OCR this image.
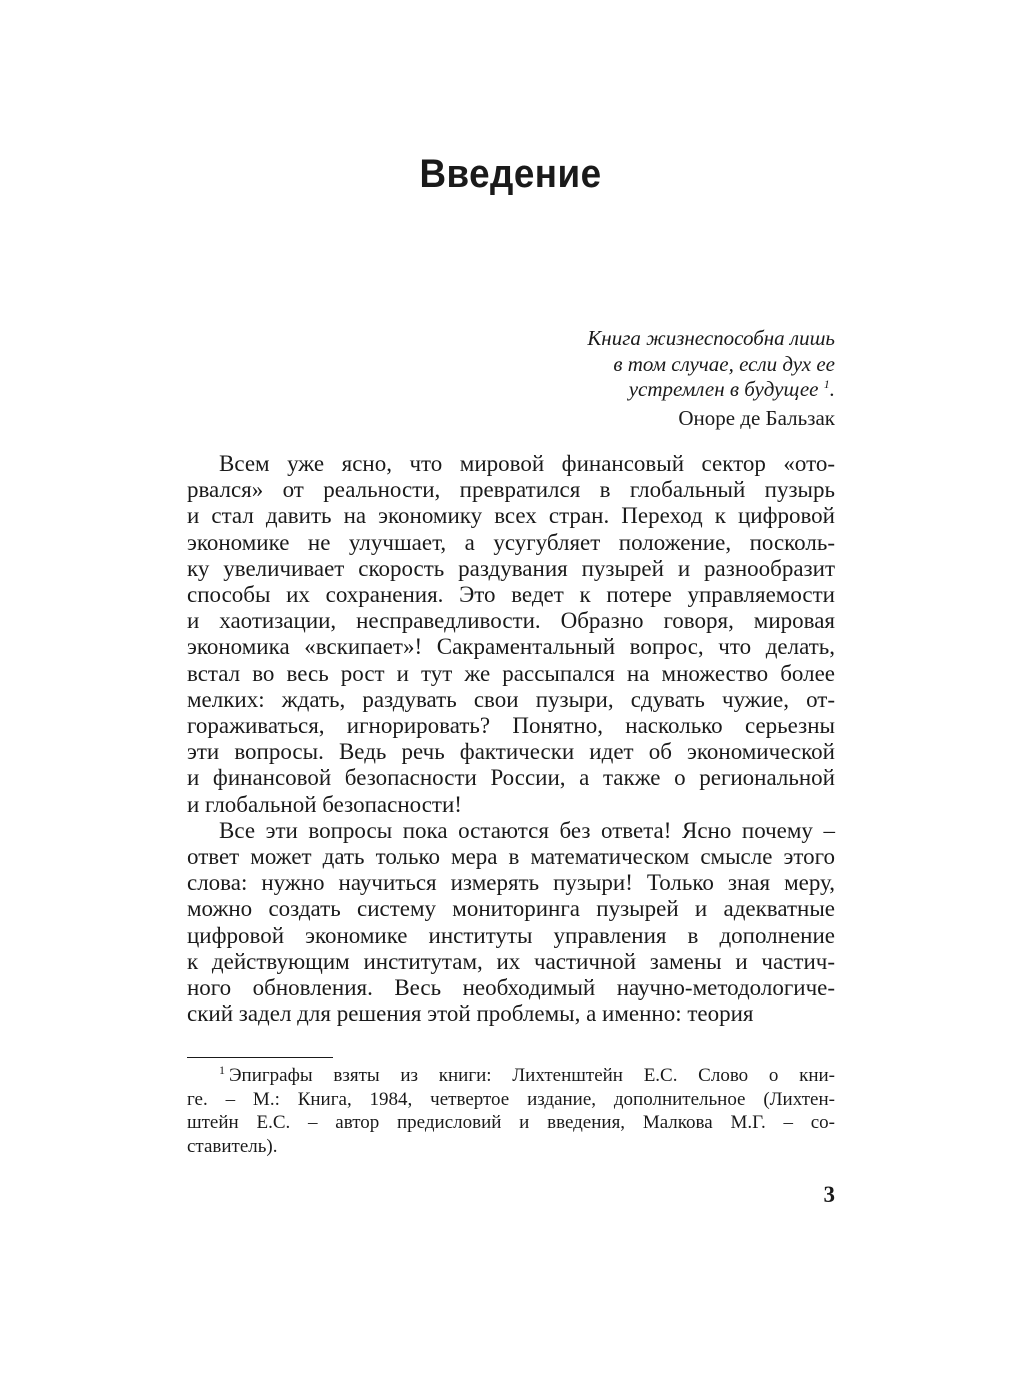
Введение
Книга жизнеспособна лишь
в том случае, если дух ее
устремлен в будущее $^1$.
Оноре де Бальзак
Всем уже ясно, что мировой финансовый сектор «ото-
рвался» от реальности, превратился в глобальный пузырь
и стал давить на экономику всех стран. Переход к цифровой
экономике не улучшает, а усугубляет положение, посколь-
ку увеличивает скорость раздувания пузырей и разнообразит
способы их сохранения. Это ведет к потере управляемости
и хаотизации, несправедливости. Образно говоря, мировая
экономика «вскипает»! Сакраментальный вопрос, что делать,
встал во весь рост и тут же рассыпался на множество более
мелких: ждать, раздувать свои пузыри, сдувать чужие, от-
гораживаться, игнорировать? Понятно, насколько серьезны
эти вопросы. Ведь речь фактически идет об экономической
и финансовой безопасности России, а также о региональной
и глобальной безопасности!
Все эти вопросы пока остаются без ответа! Ясно почему –
ответ может дать только мера в математическом смысле этого
слова: нужно научиться измерять пузыри! Только зная меру,
можно создать систему мониторинга пузырей и адекватные
цифровой экономике институты управления в дополнение
к действующим институтам, их частичной замены и частич-
ного обновления. Весь необходимый научно-методологиче-
ский задел для решения этой проблемы, а именно: теория
$^1$ Эпиграфы взяты из книги: Лихтенштейн Е.С. Слово о кни-
ге. – М.: Книга, 1984, четвертое издание, дополнительное (Лихтен-
штейн Е.С. – автор предисловий и введения, Малкова М.Г. – со-
ставитель).
3
